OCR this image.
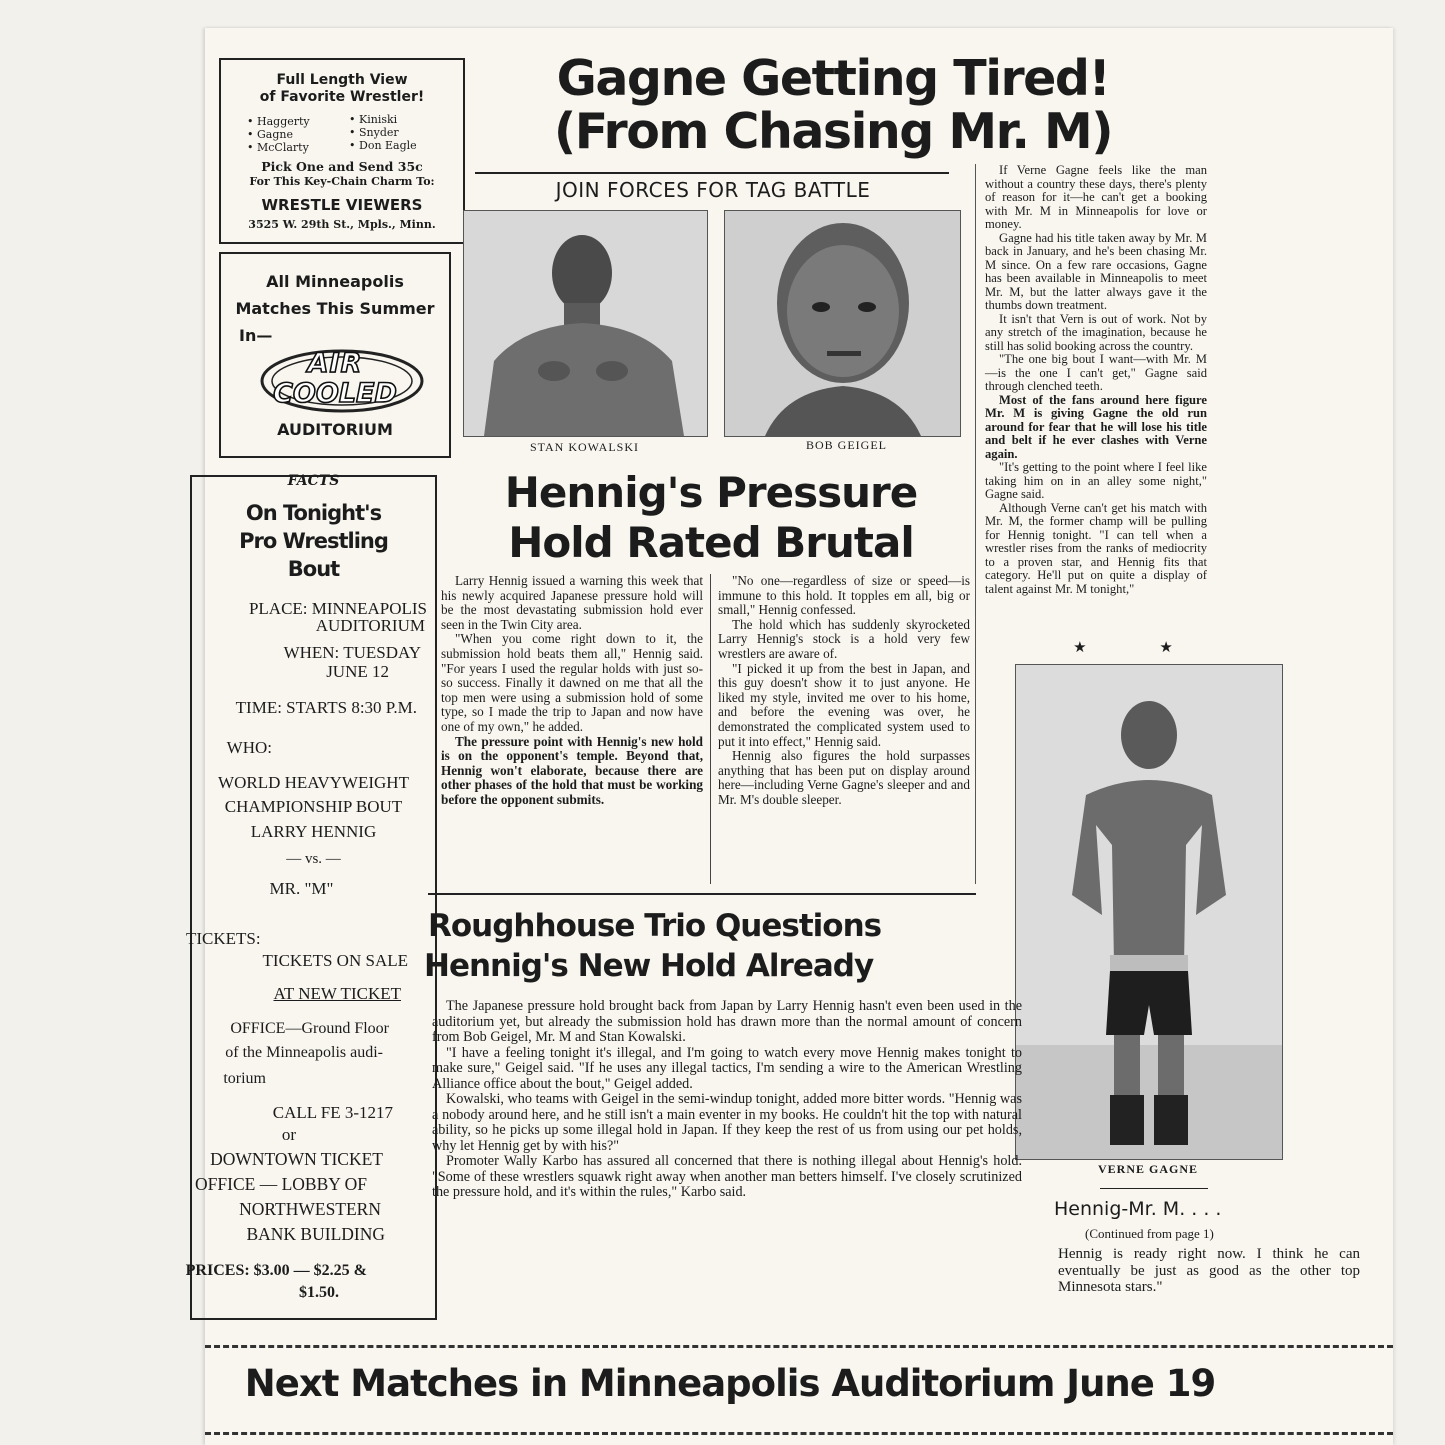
Full Length View
of Favorite Wrestler!
• Haggerty
• Gagne
• McClarty
• Kiniski
• Snyder
• Don Eagle
Pick One and Send 35c
For This Key-Chain Charm To:
WRESTLE VIEWERS
3525 W. 29th St., Mpls., Minn.
All Minneapolis
Matches This Summer
In—
AIR
COOLED
AUDITORIUM
FACTS
On Tonight's
Pro Wrestling
Bout
PLACE: MINNEAPOLIS
AUDITORIUM
WHEN: TUESDAY
JUNE 12
TIME: STARTS 8:30 P.M.
WHO:
WORLD HEAVYWEIGHT
CHAMPIONSHIP BOUT
LARRY HENNIG
— vs. —
MR. "M"
TICKETS:
TICKETS ON SALE
AT NEW TICKET
OFFICE—Ground Floor
of the Minneapolis audi-
torium
CALL FE 3-1217
or
DOWNTOWN TICKET
OFFICE — LOBBY OF
NORTHWESTERN
BANK BUILDING
PRICES: $3.00 — $2.25 &
$1.50.
Gagne Getting Tired!
(From Chasing Mr. M)
JOIN FORCES FOR TAG BATTLE
STAN KOWALSKI	BOB GEIGEL
Hennig's Pressure
Hold Rated Brutal

Larry Hennig issued a warning this week that his newly acquired Japanese pressure hold will be the most devastating submission hold ever seen in the Twin City area.

"When you come right down to it, the submission hold beats them all," Hennig said. "For years I used the regular holds with just so-so success. Finally it dawned on me that all the top men were using a submission hold of some type, so I made the trip to Japan and now have one of my own," he added.

The pressure point with Hennig's new hold is on the opponent's temple. Beyond that, Hennig won't elaborate, because there are other phases of the hold that must be working before the opponent submits.

"No one—regardless of size or speed—is immune to this hold. It topples em all, big or small," Hennig confessed.

The hold which has suddenly skyrocketed Larry Hennig's stock is a hold very few wrestlers are aware of.

"I picked it up from the best in Japan, and this guy doesn't show it to just anyone. He liked my style, invited me over to his home, and before the evening was over, he demonstrated the complicated system used to put it into effect," Hennig said.

Hennig also figures the hold surpasses anything that has been put on display around here—including Verne Gagne's sleeper and and Mr. M's double sleeper.

If Verne Gagne feels like the man without a country these days, there's plenty of reason for it—he can't get a booking with Mr. M in Minneapolis for love or money.

Gagne had his title taken away by Mr. M back in January, and he's been chasing Mr. M since. On a few rare occasions, Gagne has been available in Minneapolis to meet Mr. M, but the latter always gave it the thumbs down treatment.

It isn't that Vern is out of work. Not by any stretch of the imagination, because he still has solid booking across the country.

"The one big bout I want—with Mr. M—is the one I can't get," Gagne said through clenched teeth.

Most of the fans around here figure Mr. M is giving Gagne the old run around for fear that he will lose his title and belt if he ever clashes with Verne again.

"It's getting to the point where I feel like taking him on in an alley some night," Gagne said.

Although Verne can't get his match with Mr. M, the former champ will be pulling for Hennig tonight. "I can tell when a wrestler rises from the ranks of mediocrity to a proven star, and Hennig fits that category. He'll put on quite a display of talent against Mr. M tonight,"

★ ★
VERNE GAGNE
Roughhouse Trio Questions
Hennig's New Hold Already

The Japanese pressure hold brought back from Japan by Larry Hennig hasn't even been used in the auditorium yet, but already the submission hold has drawn more than the normal amount of concern from Bob Geigel, Mr. M and Stan Kowalski.

"I have a feeling tonight it's illegal, and I'm going to watch every move Hennig makes tonight to make sure," Geigel said. "If he uses any illegal tactics, I'm sending a wire to the American Wrestling Alliance office about the bout," Geigel added.

Kowalski, who teams with Geigel in the semi-windup tonight, added more bitter words. "Hennig was a nobody around here, and he still isn't a main eventer in my books. He couldn't hit the top with natural ability, so he picks up some illegal hold in Japan. If they keep the rest of us from using our pet holds, why let Hennig get by with his?"

Promoter Wally Karbo has assured all concerned that there is nothing illegal about Hennig's hold. "Some of these wrestlers squawk right away when another man betters himself. I've closely scrutinized the pressure hold, and it's within the rules," Karbo said.

Hennig-Mr. M. . . .
(Continued from page 1)
Hennig is ready right now. I think he can eventually be just as good as the other top Minnesota stars."
Next Matches in Minneapolis Auditorium June 19
